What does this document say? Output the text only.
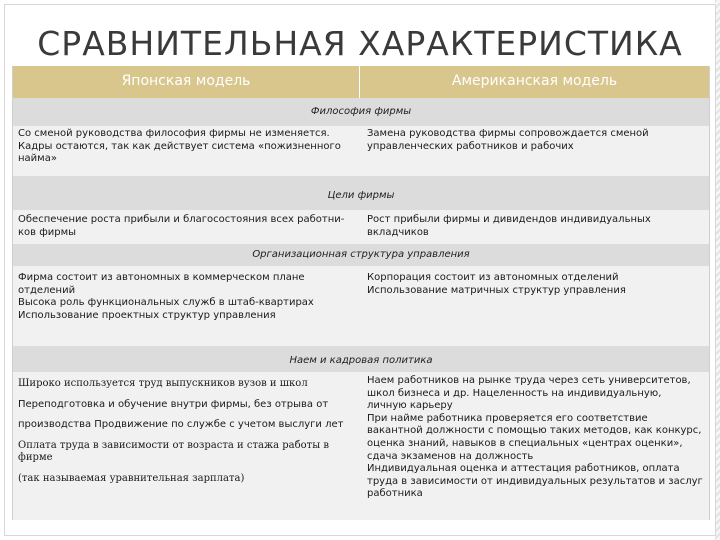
СРАВНИТЕЛЬНАЯ ХАРАКТЕРИСТИКА
Японская модель	Американская модель
Философия фирмы
Со сменой руководства философия фирмы не изменяется. Кадры остаются, так как действует система «пожизненного найма»
Замена руководства фирмы сопровождается сменой управленческих работников и рабочих
Цели фирмы
Обеспечение роста прибыли и благосостояния всех работни-ков фирмы
Рост прибыли фирмы и дивидендов индивидуальных вкладчиков
Организационная структура управления
Фирма состоит из автономных в коммерческом плане отделений
Высока роль функциональных служб в штаб-квартирах
Использование проектных структур управления
Корпорация состоит из автономных отделений
Использование матричных структур управления
Наем и кадровая политика
Широко используется труд выпускников вузов и школ
Переподготовка и обучение внутри фирмы, без отрыва от
производства Продвижение по службе с учетом выслуги лет
Оплата труда в зависимости от возраста и стажа работы в фирме
(так называемая уравнительная зарплата)
Наем работников на рынке труда через сеть университетов, школ бизнеса и др. Нацеленность на индивидуальную, личную карьеру
При найме работника проверяется его соответствие вакантной должности с помощью таких методов, как конкурс, оценка знаний, навыков в специальных «центрах оценки», сдача экзаменов на должность
Индивидуальная оценка и аттестация работников, оплата труда в зависимости от индивидуальных результатов и заслуг работника
